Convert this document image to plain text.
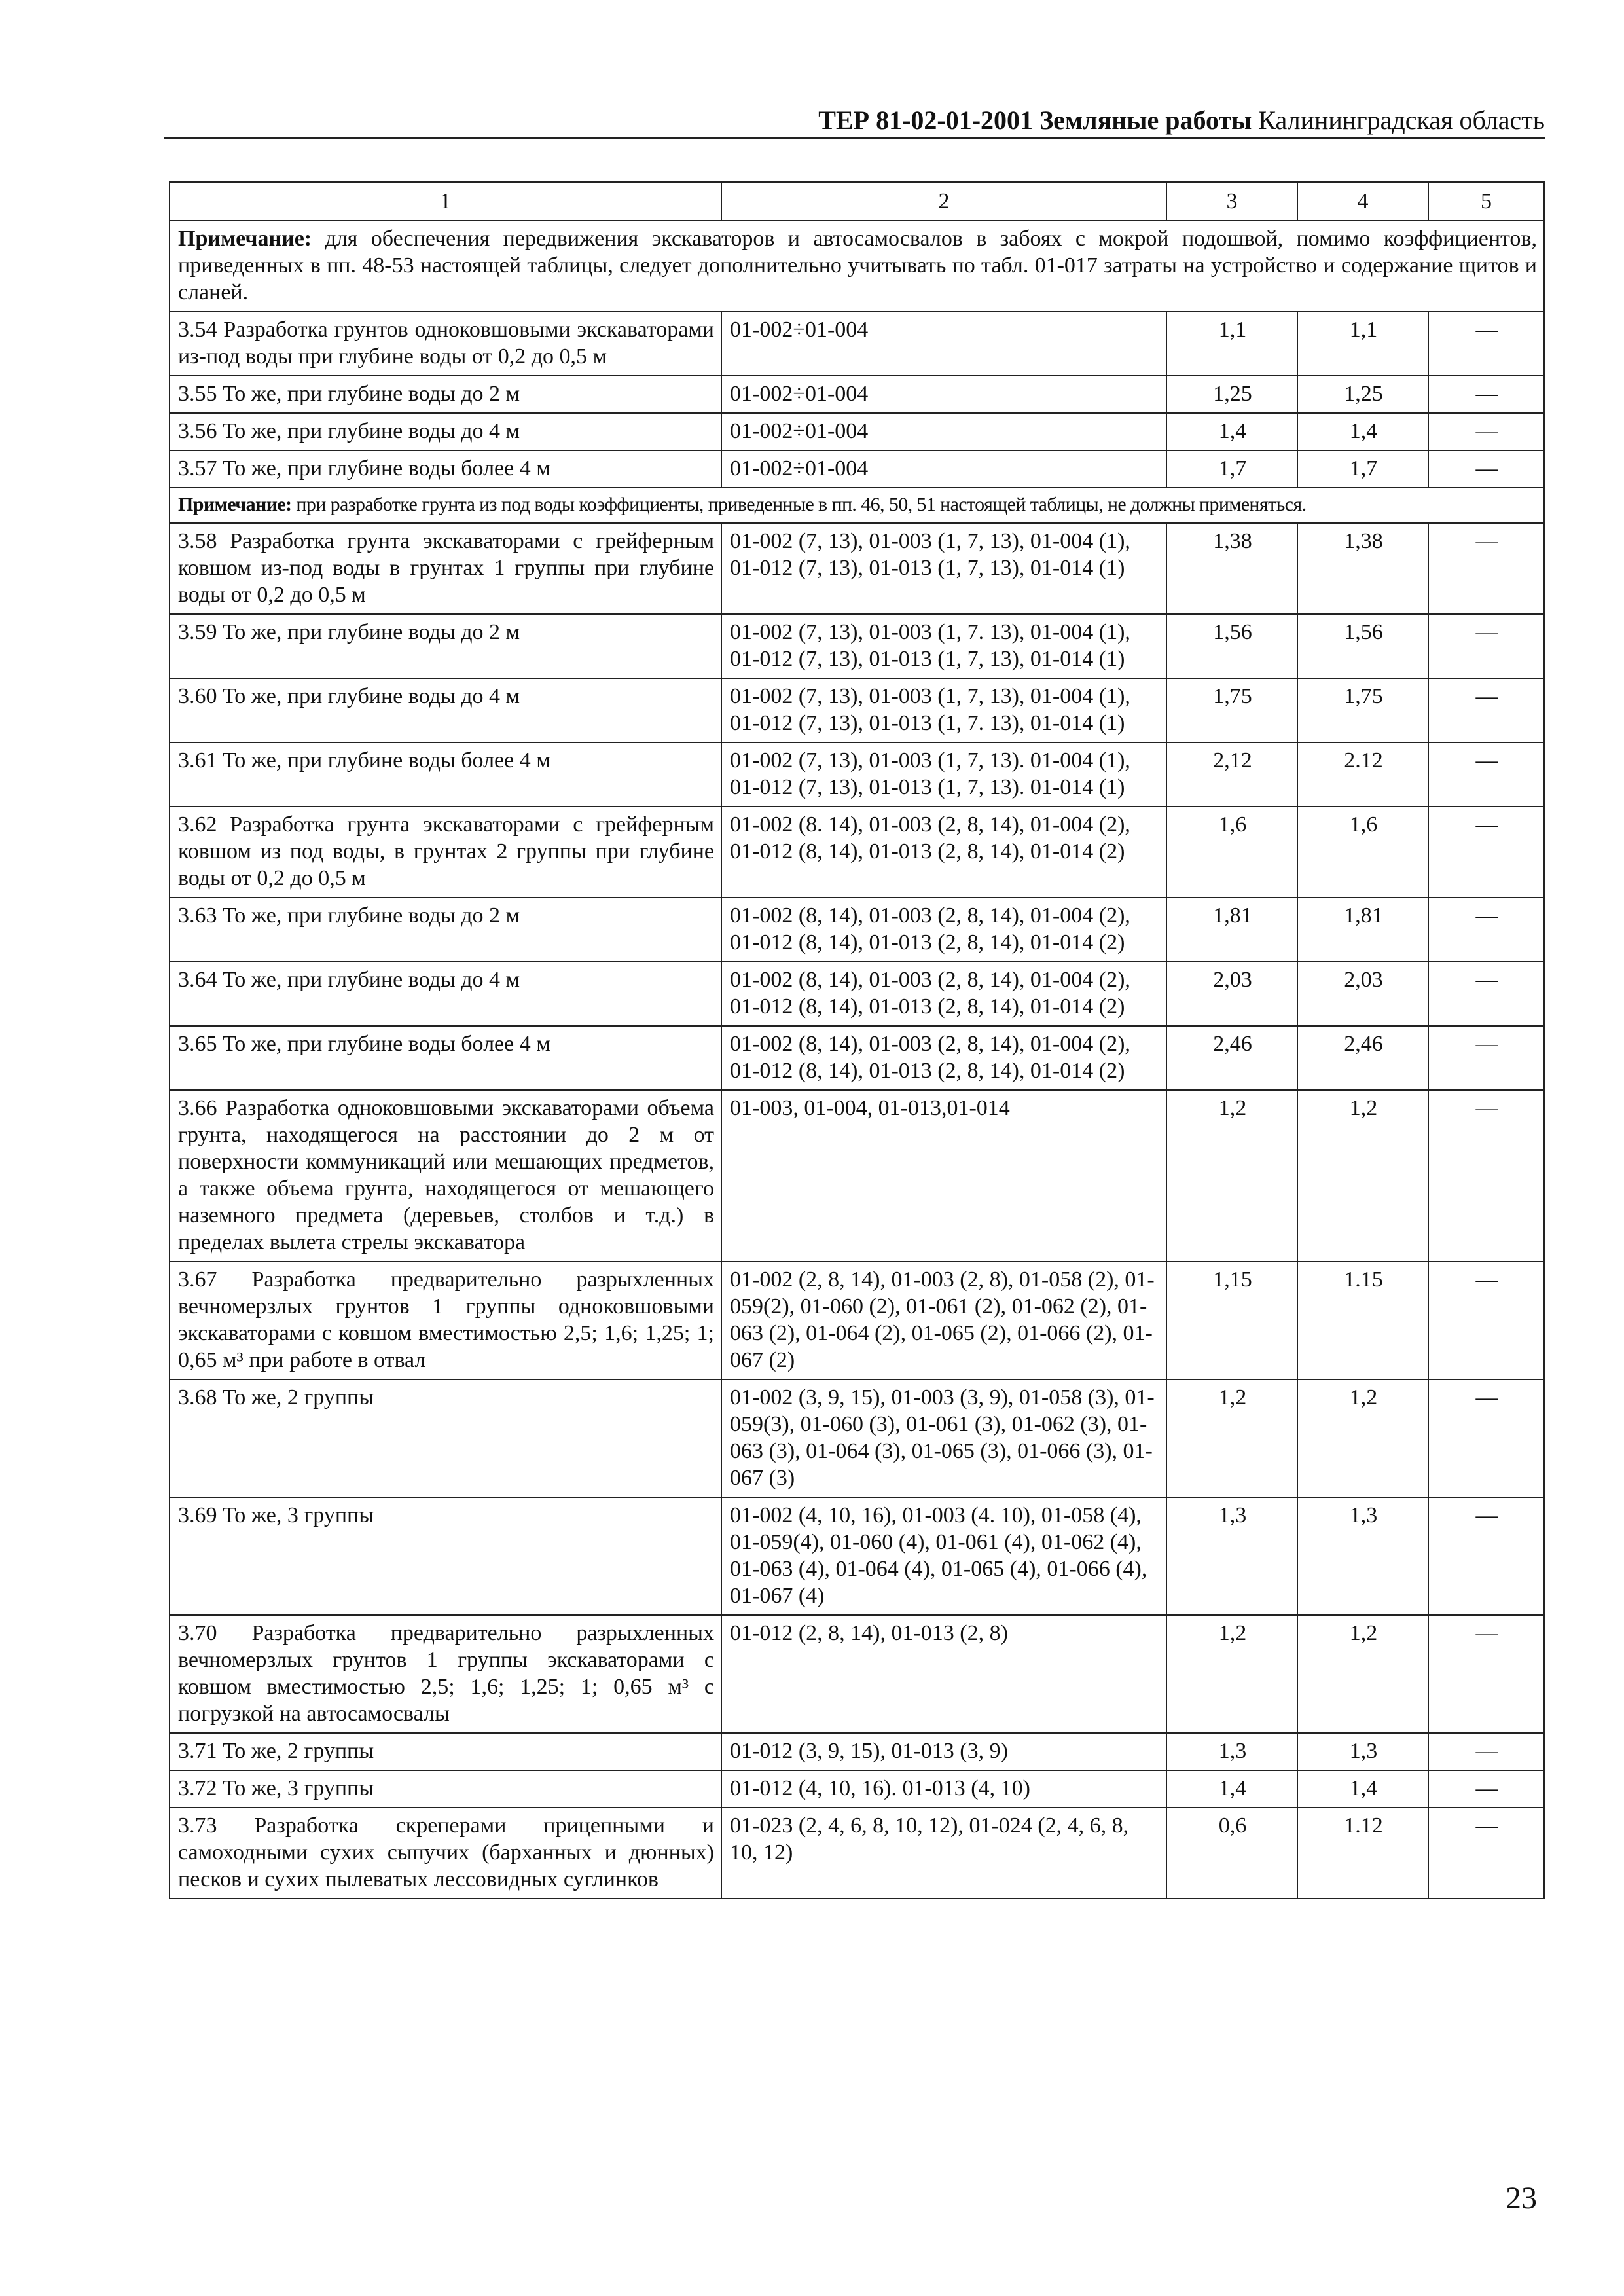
ТЕР 81-02-01-2001 Земляные работы Калининградская область
1	2	3	4	5
Примечание: для обеспечения передвижения экскаваторов и автосамосвалов в забоях с мокрой подошвой, помимо коэффициентов, приведенных в пп. 48-53 настоящей таблицы, следует дополнительно учитывать по табл. 01-017 затраты на устройство и содержание щитов и сланей.				
3.54 Разработка грунтов одноковшовыми экскаваторами из-под воды при глубине воды от 0,2 до 0,5 м	01-002÷01-004	1,1	1,1	—
3.55 То же, при глубине воды до 2 м	01-002÷01-004	1,25	1,25	—
3.56 То же, при глубине воды до 4 м	01-002÷01-004	1,4	1,4	—
3.57 То же, при глубине воды более 4 м	01-002÷01-004	1,7	1,7	—
Примечание: при разработке грунта из под воды коэффициенты, приведенные в пп. 46, 50, 51 настоящей таблицы, не должны применяться.				
3.58 Разработка грунта экскаваторами с грейферным ковшом из-под воды в грунтах 1 группы при глубине воды от 0,2 до 0,5 м	01-002 (7, 13), 01-003 (1, 7, 13), 01-004 (1), 01-012 (7, 13), 01-013 (1, 7, 13), 01-014 (1)	1,38	1,38	—
3.59 То же, при глубине воды до 2 м	01-002 (7, 13), 01-003 (1, 7. 13), 01-004 (1), 01-012 (7, 13), 01-013 (1, 7, 13), 01-014 (1)	1,56	1,56	—
3.60 То же, при глубине воды до 4 м	01-002 (7, 13), 01-003 (1, 7, 13), 01-004 (1), 01-012 (7, 13), 01-013 (1, 7. 13), 01-014 (1)	1,75	1,75	—
3.61 То же, при глубине воды более 4 м	01-002 (7, 13), 01-003 (1, 7, 13). 01-004 (1), 01-012 (7, 13), 01-013 (1, 7, 13). 01-014 (1)	2,12	2.12	—
3.62 Разработка грунта экскаваторами с грейферным ковшом из под воды, в грунтах 2 группы при глубине воды от 0,2 до 0,5 м	01-002 (8. 14), 01-003 (2, 8, 14), 01-004 (2), 01-012 (8, 14), 01-013 (2, 8, 14), 01-014 (2)	1,6	1,6	—
3.63 То же, при глубине воды до 2 м	01-002 (8, 14), 01-003 (2, 8, 14), 01-004 (2), 01-012 (8, 14), 01-013 (2, 8, 14), 01-014 (2)	1,81	1,81	—
3.64 То же, при глубине воды до 4 м	01-002 (8, 14), 01-003 (2, 8, 14), 01-004 (2), 01-012 (8, 14), 01-013 (2, 8, 14), 01-014 (2)	2,03	2,03	—
3.65 То же, при глубине воды более 4 м	01-002 (8, 14), 01-003 (2, 8, 14), 01-004 (2), 01-012 (8, 14), 01-013 (2, 8, 14), 01-014 (2)	2,46	2,46	—
3.66 Разработка одноковшовыми экскаваторами объема грунта, находящегося на расстоянии до 2 м от поверхности коммуникаций или мешающих предметов, а также объема грунта, находящегося от мешающего наземного предмета (деревьев, столбов и т.д.) в пределах вылета стрелы экскаватора	01-003, 01-004, 01-013,01-014	1,2	1,2	—
3.67 Разработка предварительно разрыхленных вечномерзлых грунтов 1 группы одноковшовыми экскаваторами с ковшом вместимостью 2,5; 1,6; 1,25; 1; 0,65 м³ при работе в отвал	01-002 (2, 8, 14), 01-003 (2, 8), 01-058 (2), 01-059(2), 01-060 (2), 01-061 (2), 01-062 (2), 01-063 (2), 01-064 (2), 01-065 (2), 01-066 (2), 01-067 (2)	1,15	1.15	—
3.68 То же, 2 группы	01-002 (3, 9, 15), 01-003 (3, 9), 01-058 (3), 01-059(3), 01-060 (3), 01-061 (3), 01-062 (3), 01-063 (3), 01-064 (3), 01-065 (3), 01-066 (3), 01-067 (3)	1,2	1,2	—
3.69 То же, 3 группы	01-002 (4, 10, 16), 01-003 (4. 10), 01-058 (4), 01-059(4), 01-060 (4), 01-061 (4), 01-062 (4), 01-063 (4), 01-064 (4), 01-065 (4), 01-066 (4), 01-067 (4)	1,3	1,3	—
3.70 Разработка предварительно разрыхленных вечномерзлых грунтов 1 группы экскаваторами с ковшом вместимостью 2,5; 1,6; 1,25; 1; 0,65 м³ с погрузкой на автосамосвалы	01-012 (2, 8, 14), 01-013 (2, 8)	1,2	1,2	—
3.71 То же, 2 группы	01-012 (3, 9, 15), 01-013 (3, 9)	1,3	1,3	—
3.72 То же, 3 группы	01-012 (4, 10, 16). 01-013 (4, 10)	1,4	1,4	—
3.73 Разработка скреперами прицепными и самоходными сухих сыпучих (барханных и дюнных) песков и сухих пылеватых лессовидных суглинков	01-023 (2, 4, 6, 8, 10, 12), 01-024 (2, 4, 6, 8, 10, 12)	0,6	1.12	—
23
